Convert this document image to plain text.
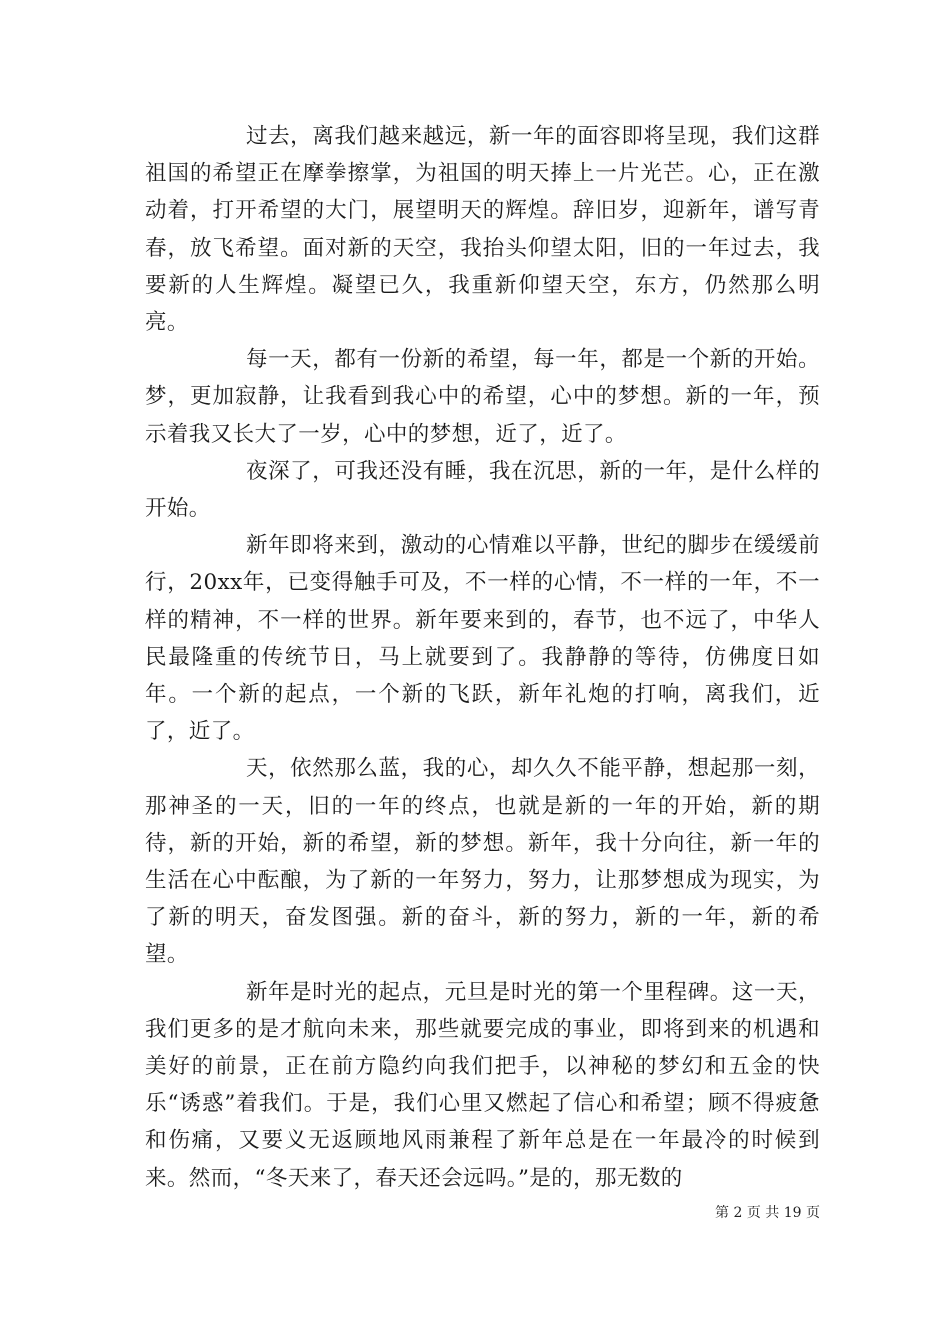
过去，离我们越来越远，新一年的面容即将呈现，我们这群祖国的希望正在摩拳擦掌，为祖国的明天捧上一片光芒。心，正在激动着，打开希望的大门，展望明天的辉煌。辞旧岁，迎新年，谱写青春，放飞希望。面对新的天空，我抬头仰望太阳，旧的一年过去，我要新的人生辉煌。凝望已久，我重新仰望天空，东方，仍然那么明亮。

每一天，都有一份新的希望，每一年，都是一个新的开始。梦，更加寂静，让我看到我心中的希望，心中的梦想。新的一年，预示着我又长大了一岁，心中的梦想，近了，近了。

夜深了，可我还没有睡，我在沉思，新的一年，是什么样的开始。

新年即将来到，激动的心情难以平静，世纪的脚步在缓缓前行，20xx年，已变得触手可及，不一样的心情，不一样的一年，不一样的精神，不一样的世界。新年要来到的，春节，也不远了，中华人民最隆重的传统节日，马上就要到了。我静静的等待，仿佛度日如年。一个新的起点，一个新的飞跃，新年礼炮的打响，离我们，近了，近了。

天，依然那么蓝，我的心，却久久不能平静，想起那一刻，那神圣的一天，旧的一年的终点，也就是新的一年的开始，新的期待，新的开始，新的希望，新的梦想。新年，我十分向往，新一年的生活在心中酝酿，为了新的一年努力，努力，让那梦想成为现实，为了新的明天，奋发图强。新的奋斗，新的努力，新的一年，新的希望。

新年是时光的起点，元旦是时光的第一个里程碑。这一天，我们更多的是才航向未来，那些就要完成的事业，即将到来的机遇和美好的前景，正在前方隐约向我们把手，以神秘的梦幻和五金的快乐“诱惑”着我们。于是，我们心里又燃起了信心和希望；顾不得疲惫和伤痛，又要义无返顾地风雨兼程了新年总是在一年最冷的时候到来。然而，“冬天来了，春天还会远吗。”是的，那无数的

第 2 页 共 19 页
